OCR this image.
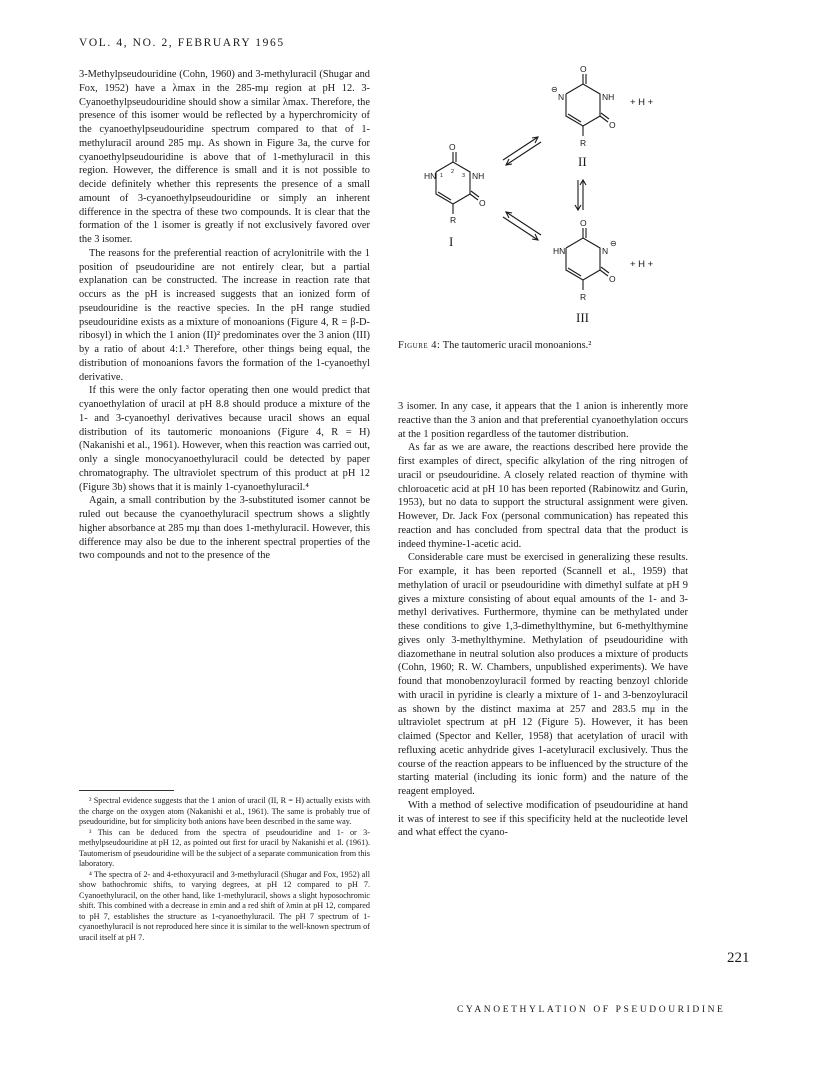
VOL. 4, NO. 2, FEBRUARY 1965

3-Methylpseudouridine (Cohn, 1960) and 3-methyluracil (Shugar and Fox, 1952) have a λmax in the 285-mμ region at pH 12. 3-Cyanoethylpseudouridine should show a similar λmax. Therefore, the presence of this isomer would be reflected by a hyperchromicity of the cyanoethylpseudouridine spectrum compared to that of 1-methyluracil around 285 mμ. As shown in Figure 3a, the curve for cyanoethylpseudouridine is above that of 1-methyluracil in this region. However, the difference is small and it is not possible to decide definitely whether this represents the presence of a small amount of 3-cyanoethylpseudouridine or simply an inherent difference in the spectra of these two compounds. It is clear that the formation of the 1 isomer is greatly if not exclusively favored over the 3 isomer.

The reasons for the preferential reaction of acrylonitrile with the 1 position of pseudouridine are not entirely clear, but a partial explanation can be constructed. The increase in reaction rate that occurs as the pH is increased suggests that an ionized form of pseudouridine is the reactive species. In the pH range studied pseudouridine exists as a mixture of monoanions (Figure 4, R = β-D-ribosyl) in which the 1 anion (II)² predominates over the 3 anion (III) by a ratio of about 4:1.³ Therefore, other things being equal, the distribution of monoanions favors the formation of the 1-cyanoethyl derivative.

If this were the only factor operating then one would predict that cyanoethylation of uracil at pH 8.8 should produce a mixture of the 1- and 3-cyanoethyl derivatives because uracil shows an equal distribution of its tautomeric monoanions (Figure 4, R = H) (Nakanishi et al., 1961). However, when this reaction was carried out, only a single monocyanoethyluracil could be detected by paper chromatography. The ultraviolet spectrum of this product at pH 12 (Figure 3b) shows that it is mainly 1-cyanoethyluracil.⁴

Again, a small contribution by the 3-substituted isomer cannot be ruled out because the cyanoethyluracil spectrum shows a slightly higher absorbance at 285 mμ than does 1-methyluracil. However, this difference may also be due to the inherent spectral properties of the two compounds and not to the presence of the

² Spectral evidence suggests that the 1 anion of uracil (II, R = H) actually exists with the charge on the oxygen atom (Nakanishi et al., 1961). The same is probably true of pseudouridine, but for simplicity both anions have been described in the same way.

³ This can be deduced from the spectra of pseudouridine and 1- or 3-methylpseudouridine at pH 12, as pointed out first for uracil by Nakanishi et al. (1961). Tautomerism of pseudouridine will be the subject of a separate communication from this laboratory.

⁴ The spectra of 2- and 4-ethoxyuracil and 3-methyluracil (Shugar and Fox, 1952) all show bathochromic shifts, to varying degrees, at pH 12 compared to pH 7. Cyanoethyluracil, on the other hand, like 1-methyluracil, shows a slight hyposochromic shift. This combined with a decrease in εmin and a red shift of λmin at pH 12, compared to pH 7, establishes the structure as 1-cyanoethyluracil. The pH 7 spectrum of 1-cyanoethyluracil is not reproduced here since it is similar to the well-known spectrum of uracil itself at pH 7.

O
HN	NH
1
2
3
O
R
I
O
N
⊖
NH
O
R
II
+ H +
O
HN	N
⊖
O
R
III
+ H +
Figure 4: The tautomeric uracil monoanions.²

3 isomer. In any case, it appears that the 1 anion is inherently more reactive than the 3 anion and that preferential cyanoethylation occurs at the 1 position regardless of the tautomer distribution.

As far as we are aware, the reactions described here provide the first examples of direct, specific alkylation of the ring nitrogen of uracil or pseudouridine. A closely related reaction of thymine with chloroacetic acid at pH 10 has been reported (Rabinowitz and Gurin, 1953), but no data to support the structural assignment were given. However, Dr. Jack Fox (personal communication) has repeated this reaction and has concluded from spectral data that the product is indeed thymine-1-acetic acid.

Considerable care must be exercised in generalizing these results. For example, it has been reported (Scannell et al., 1959) that methylation of uracil or pseudouridine with dimethyl sulfate at pH 9 gives a mixture consisting of about equal amounts of the 1- and 3-methyl derivatives. Furthermore, thymine can be methylated under these conditions to give 1,3-dimethylthymine, but 6-methylthymine gives only 3-methylthymine. Methylation of pseudouridine with diazomethane in neutral solution also produces a mixture of products (Cohn, 1960; R. W. Chambers, unpublished experiments). We have found that monobenzoyluracil formed by reacting benzoyl chloride with uracil in pyridine is clearly a mixture of 1- and 3-benzoyluracil as shown by the distinct maxima at 257 and 283.5 mμ in the ultraviolet spectrum at pH 12 (Figure 5). However, it has been claimed (Spector and Keller, 1958) that acetylation of uracil with refluxing acetic anhydride gives 1-acetyluracil exclusively. Thus the course of the reaction appears to be influenced by the structure of the starting material (including its ionic form) and the nature of the reagent employed.

With a method of selective modification of pseudouridine at hand it was of interest to see if this specificity held at the nucleotide level and what effect the cyano-

221
CYANOETHYLATION OF PSEUDOURIDINE
